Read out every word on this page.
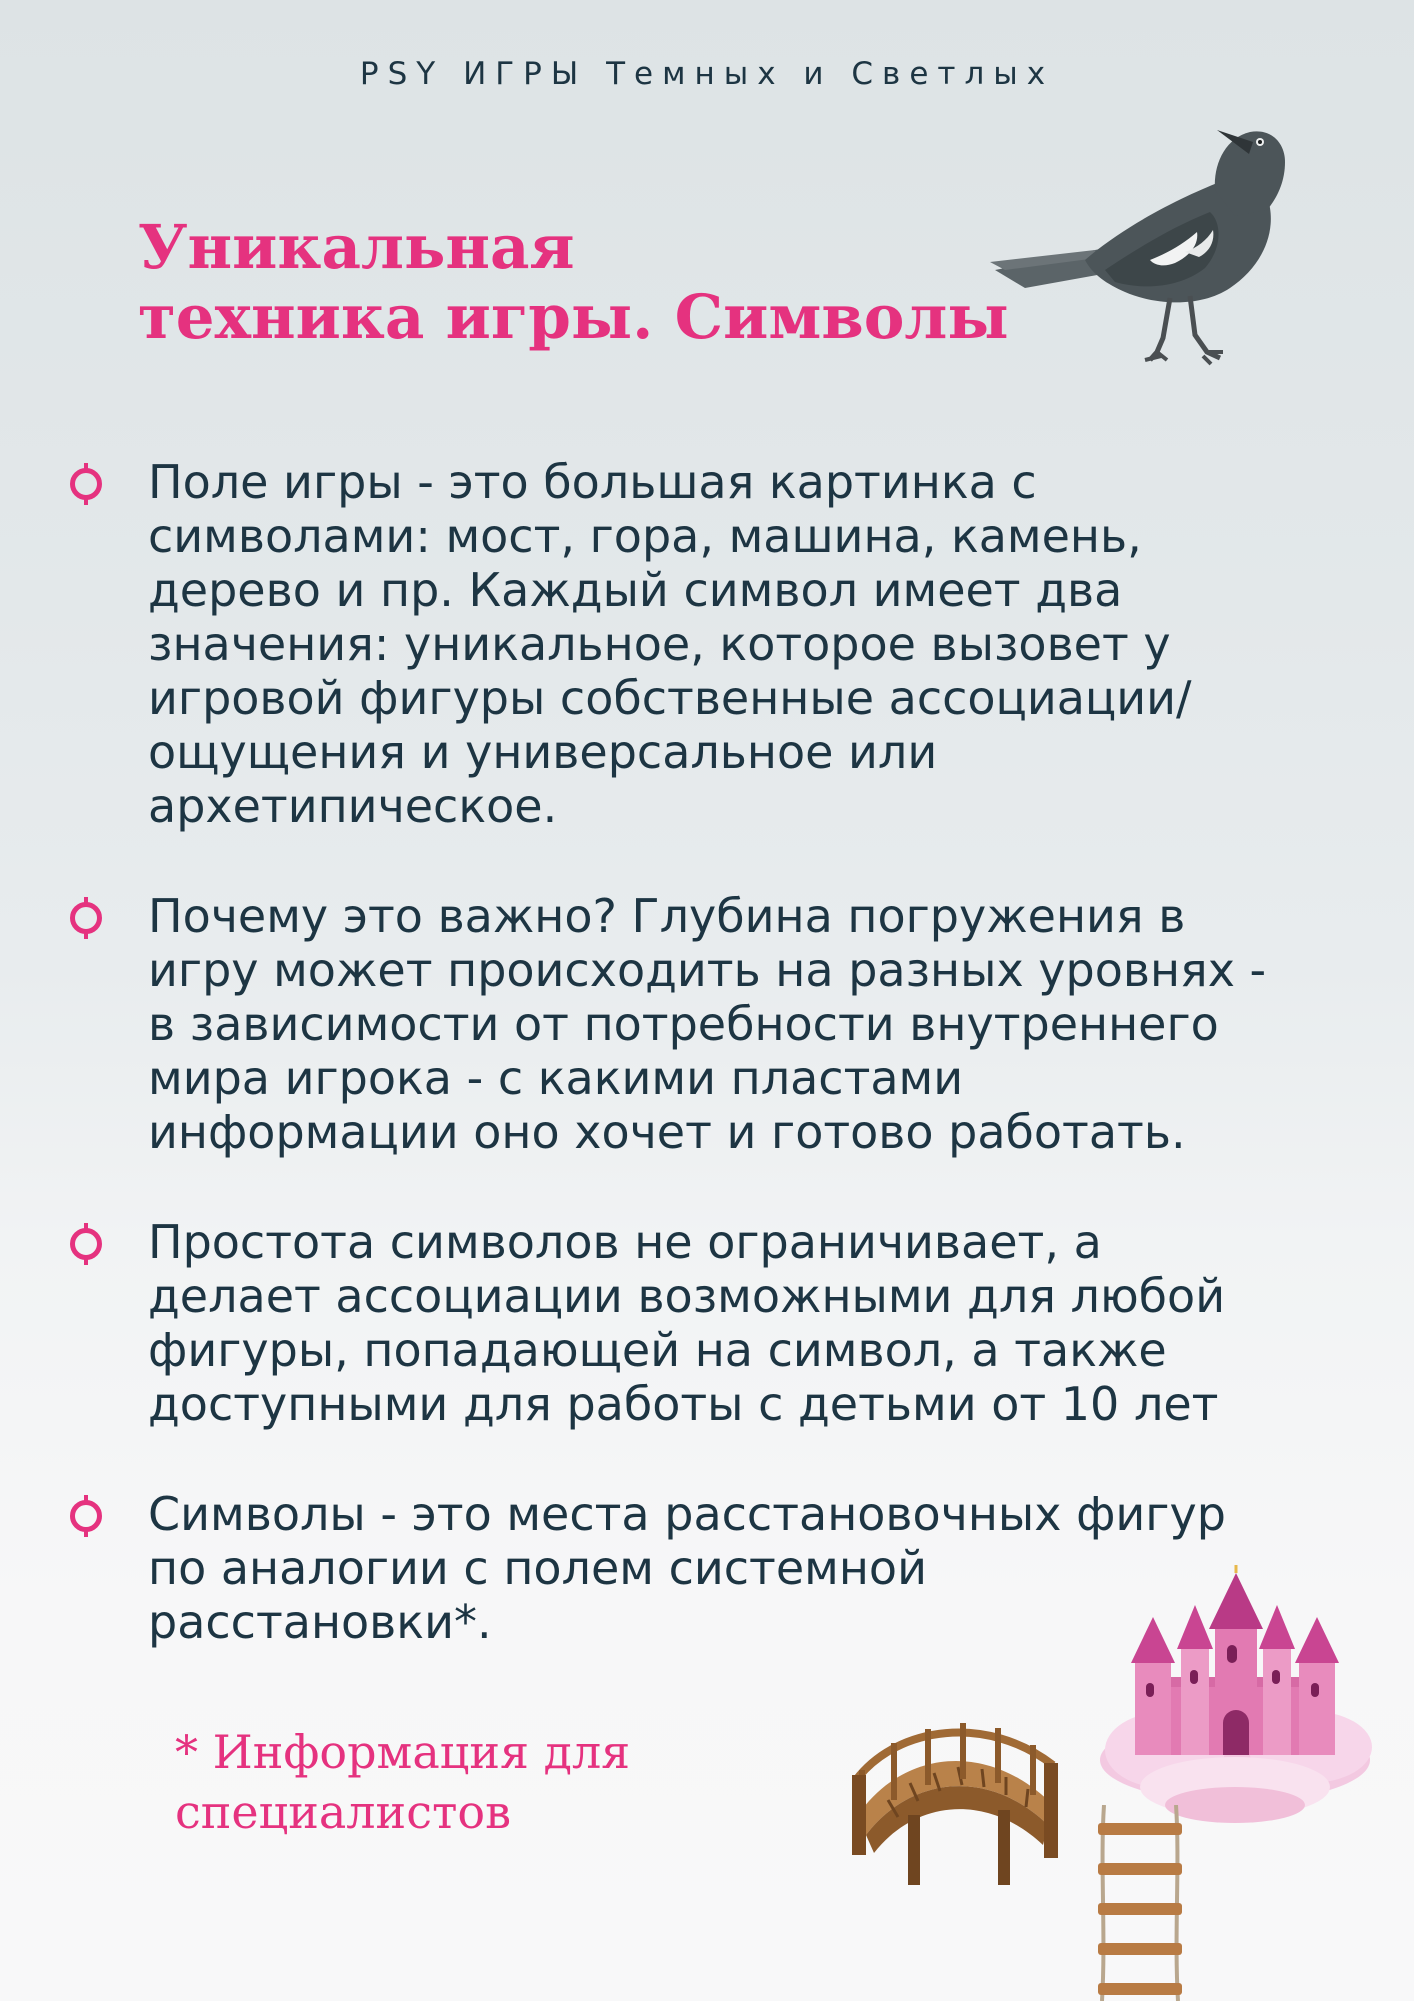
PSY ИГРЫ Темных и Светлых
Уникальная
техника игры. Символы
Поле игры - это большая картинка с
символами: мост, гора, машина, камень,
дерево и пр. Каждый символ имеет два
значения: уникальное, которое вызовет у
игровой фигуры собственные ассоциации/
ощущения и универсальное или
архетипическое.
Почему это важно? Глубина погружения в
игру может происходить на разных уровнях -
в зависимости от потребности внутреннего
мира игрока - с какими пластами
информации оно хочет и готово работать.
Простота символов не ограничивает, а
делает ассоциации возможными для любой
фигуры, попадающей на символ, а также
доступными для работы с детьми от 10 лет
Символы - это места расстановочных фигур
по аналогии с полем системной
расстановки*.
* Информация для
специалистов
